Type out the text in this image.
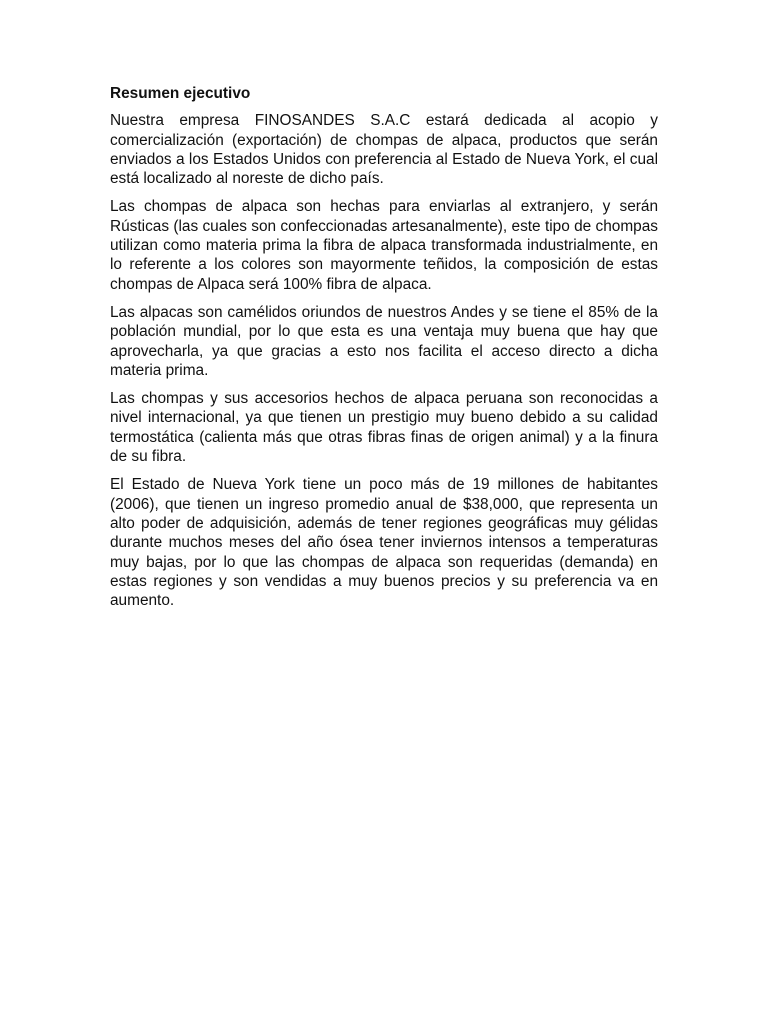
Resumen ejecutivo

Nuestra empresa FINOSANDES S.A.C estará dedicada al acopio y comercialización (exportación) de chompas de alpaca, productos que serán enviados a los Estados Unidos con preferencia al Estado de Nueva York, el cual está localizado al noreste de dicho país.

Las chompas de alpaca son hechas para enviarlas al extranjero, y serán Rústicas (las cuales son confeccionadas artesanalmente), este tipo de chompas utilizan como materia prima la fibra de alpaca transformada industrialmente, en lo referente a los colores son mayormente teñidos, la composición de estas chompas de Alpaca será 100% fibra de alpaca.

Las alpacas son camélidos oriundos de nuestros Andes y se tiene el 85% de la población mundial, por lo que esta es una ventaja muy buena que hay que aprovecharla, ya que gracias a esto nos facilita el acceso directo a dicha materia prima.

Las chompas y sus accesorios hechos de alpaca peruana son reconocidas a nivel internacional, ya que tienen un prestigio muy bueno debido a su calidad termostática (calienta más que otras fibras finas de origen animal) y a la finura de su fibra.

El Estado de Nueva York tiene un poco más de 19 millones de habitantes (2006), que tienen un ingreso promedio anual de $38,000, que representa un alto poder de adquisición, además de tener regiones geográficas muy gélidas durante muchos meses del año ósea tener inviernos intensos a temperaturas muy bajas, por lo que las chompas de alpaca son requeridas (demanda) en estas regiones y son vendidas a muy buenos precios y su preferencia va en aumento.
